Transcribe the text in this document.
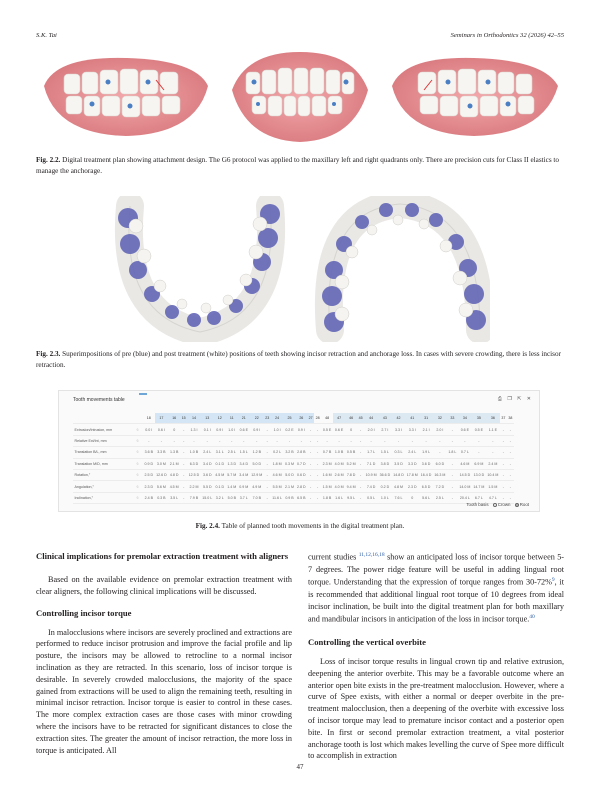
S.K. Tai	Seminars in Orthodontics 32 (2026) 42–55
Fig. 2.2. Digital treatment plan showing attachment design. The G6 protocol was applied to the maxillary left and right quadrants only. There are precision cuts for Class II elastics to manage the anchorage.
Fig. 2.3. Superimpositions of pre (blue) and post treatment (white) positions of teeth showing incisor retraction and anchorage loss. In cases with severe crowding, there is less incisor retraction.
Tooth movements table	⎙ ❐ ⇱ ✕
		18	17	16	15	14	13	12	11	21	22	23	24	25	26	27	28	48	47	46	45	44	43	42	41	31	32	33	34	35	36	37	38
Extrusion/Intrusion, mm	♧	0.0 I	0.6 I	0	-	1.3 I	0.1 I	0.9 I	1.0 I	0.6 E	0.9 I	-	1.0 I	0.2 E	0.9 I	-	-	0.5 E	0.6 E	0	-	2.0 I	2.7 I	3.3 I	3.3 I	2.1 I	2.0 I	-	0.6 E	0.5 E	1.1 E	-	-
Relative Ext/Int, mm	♧	-	-	-	-	-	-	-	-	-	-	-	-	-	-	-	-	-	-	-	-	-	-	-	-	-	-	-	-	-	-	-	-
Translation B/L, mm	♧	3.6 B	3.3 B	1.3 B	-	1.0 B	2.4 L	3.1 L	2.5 L	1.5 L	1.2 B	-	0.2 L	3.2 B	2.8 B	-	-	0.7 B	1.0 B	0.5 B	-	1.7 L	1.5 L	0.3 L	2.4 L	1.9 L	-	1.8 L	0.7 L	-	-	-	-
Translation M/D, mm	♧	0.9 D	3.0 M	2.1 M	-	6.3 D	3.4 D	0.1 D	1.3 D	3.4 D	5.0 D	-	1.8 M	0.3 M	0.7 D	-	-	2.3 M	4.0 M	5.2 M	-	7.1 D	3.8 D	3.5 D	3.3 D	3.6 D	6.0 D	-	4.6 M	6.9 M	2.4 M	-	-
Rotation,°	♧	2.5 D	12.6 D	4.8 D	-	12.5 D	3.6 D	4.5 M	5.7 M	3.4 M	12.9 M	-	4.6 M	5.0 D	0.6 D	-	-	1.6 M	2.6 M	7.8 D	-	10.9 M	36.6 D	14.8 D	17.8 M	16.4 D	16.3 M	-	14.5 D	13.0 D	10.4 M	-	-
Angulation,°	♧	2.3 D	5.6 M	4.5 M	-	2.2 M	5.5 D	0.1 D	1.4 M	0.9 M	4.9 M	-	5.5 M	2.1 M	2.8 D	-	-	1.5 M	4.0 M	9.4 M	-	7.4 D	0.2 D	4.8 M	2.3 D	6.5 D	7.2 D	-	14.0 M	14.7 M	1.5 M	-	-
Inclination,°	♧	2.4 B	0.3 B	3.5 L	-	7.9 B	15.0 L	3.2 L	5.0 B	3.7 L	7.0 B	-	11.6 L	0.9 B	6.5 B	-	-	1.8 B	1.6 L	9.5 L	-	0.5 L	1.0 L	7.6 L	0	5.6 L	2.5 L	-	20.4 L	6.7 L	4.7 L	-	-
Tooth basis Crown Root
Fig. 2.4. Table of planned tooth movements in the digital treatment plan.
Clinical implications for premolar extraction treatment with aligners
Based on the available evidence on premolar extraction treatment with clear aligners, the following clinical implications will be discussed.
Controlling incisor torque
In malocclusions where incisors are severely proclined and extractions are performed to reduce incisor protrusion and improve the facial profile and lip posture, the incisors may be allowed to retrocline to a normal incisor inclination as they are retracted. In this scenario, loss of incisor torque is desirable. In severely crowded malocclusions, the majority of the space gained from extractions will be used to align the remaining teeth, resulting in minimal incisor retraction. Incisor torque is easier to control in these cases. The more complex extraction cases are those cases with minor crowding where the incisors have to be retracted for significant distances to close the extraction sites. The greater the amount of incisor retraction, the more loss in torque is anticipated. All
current studies $^{11,12,16,18}$ show an anticipated loss of incisor torque between 5-7 degrees. The power ridge feature will be useful in adding lingual root torque. Understanding that the expression of torque ranges from 30-72%$^9$, it is recommended that additional lingual root torque of 10 degrees from ideal incisor inclination, be built into the digital treatment plan for both maxillary and mandibular incisors in anticipation of the loss in incisor torque.$^{40}$
Controlling the vertical overbite
Loss of incisor torque results in lingual crown tip and relative extrusion, deepening the anterior overbite. This may be a favorable outcome where an anterior open bite exists in the pre-treatment malocclusion. However, where a curve of Spee exists, with either a normal or deeper overbite in the pre-treatment malocclusion, then a deepening of the overbite with excessive loss of incisor torque may lead to premature incisor contact and a posterior open bite. In first or second premolar extraction treatment, a vital posterior anchorage tooth is lost which makes levelling the curve of Spee more difficult to accomplish in extraction
47
